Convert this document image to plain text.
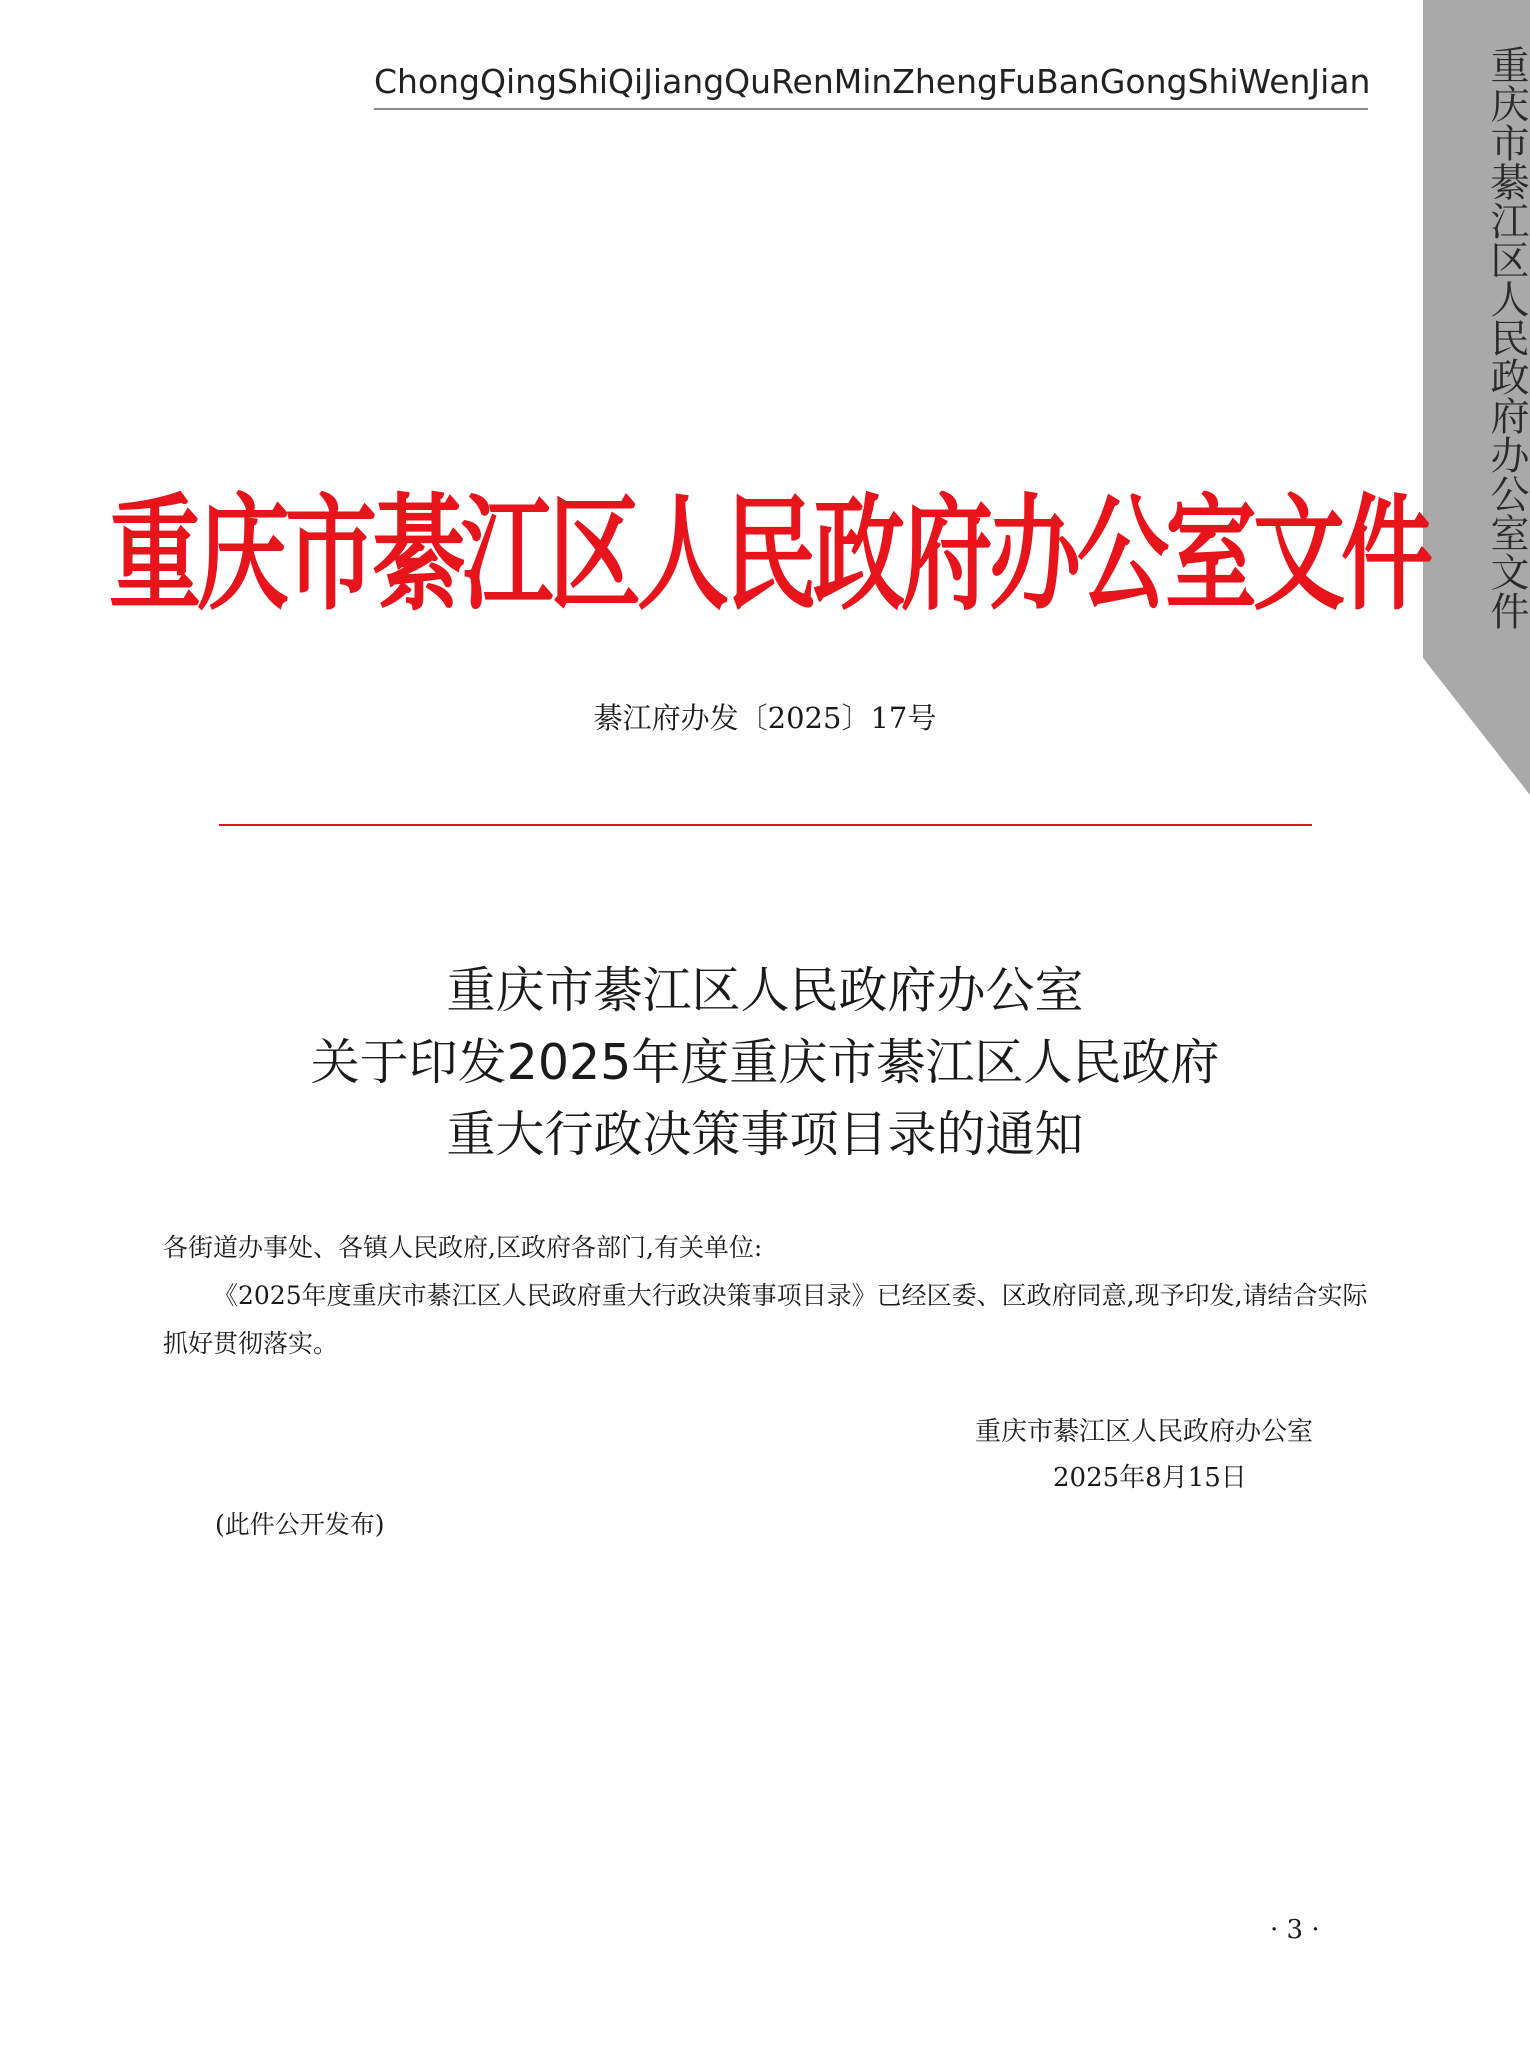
ChongQingShiQiJiangQuRenMinZhengFuBanGongShiWenJian	重庆市綦江区人民政府办公室文件
重庆市綦江区人民政府办公室文件
綦江府办发〔2025〕17号
重庆市綦江区人民政府办公室
关于印发2025年度重庆市綦江区人民政府
重大行政决策事项目录的通知

各街道办事处、各镇人民政府,区政府各部门,有关单位:

《2025年度重庆市綦江区人民政府重大行政决策事项目录》已经区委、区政府同意,现予印发,请结合实际抓好贯彻落实。

重庆市綦江区人民政府办公室
2025年8月15日
(此件公开发布)
· 3 ·
